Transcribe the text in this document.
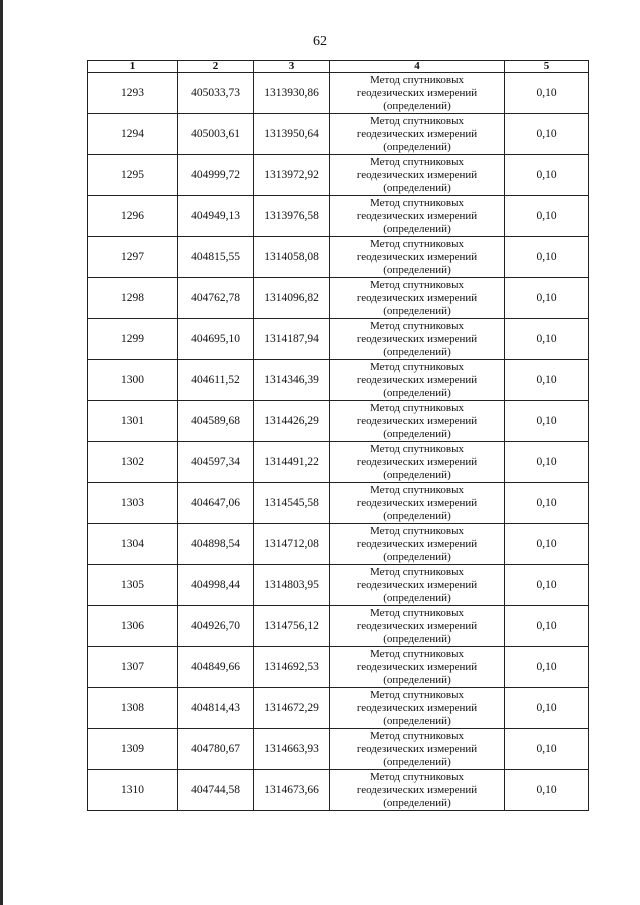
62
1	2	3	4	5
1293	405033,73	1313930,86	Метод спутниковых
геодезических измерений
(определений)	0,10
1294	405003,61	1313950,64	Метод спутниковых
геодезических измерений
(определений)	0,10
1295	404999,72	1313972,92	Метод спутниковых
геодезических измерений
(определений)	0,10
1296	404949,13	1313976,58	Метод спутниковых
геодезических измерений
(определений)	0,10
1297	404815,55	1314058,08	Метод спутниковых
геодезических измерений
(определений)	0,10
1298	404762,78	1314096,82	Метод спутниковых
геодезических измерений
(определений)	0,10
1299	404695,10	1314187,94	Метод спутниковых
геодезических измерений
(определений)	0,10
1300	404611,52	1314346,39	Метод спутниковых
геодезических измерений
(определений)	0,10
1301	404589,68	1314426,29	Метод спутниковых
геодезических измерений
(определений)	0,10
1302	404597,34	1314491,22	Метод спутниковых
геодезических измерений
(определений)	0,10
1303	404647,06	1314545,58	Метод спутниковых
геодезических измерений
(определений)	0,10
1304	404898,54	1314712,08	Метод спутниковых
геодезических измерений
(определений)	0,10
1305	404998,44	1314803,95	Метод спутниковых
геодезических измерений
(определений)	0,10
1306	404926,70	1314756,12	Метод спутниковых
геодезических измерений
(определений)	0,10
1307	404849,66	1314692,53	Метод спутниковых
геодезических измерений
(определений)	0,10
1308	404814,43	1314672,29	Метод спутниковых
геодезических измерений
(определений)	0,10
1309	404780,67	1314663,93	Метод спутниковых
геодезических измерений
(определений)	0,10
1310	404744,58	1314673,66	Метод спутниковых
геодезических измерений
(определений)	0,10
